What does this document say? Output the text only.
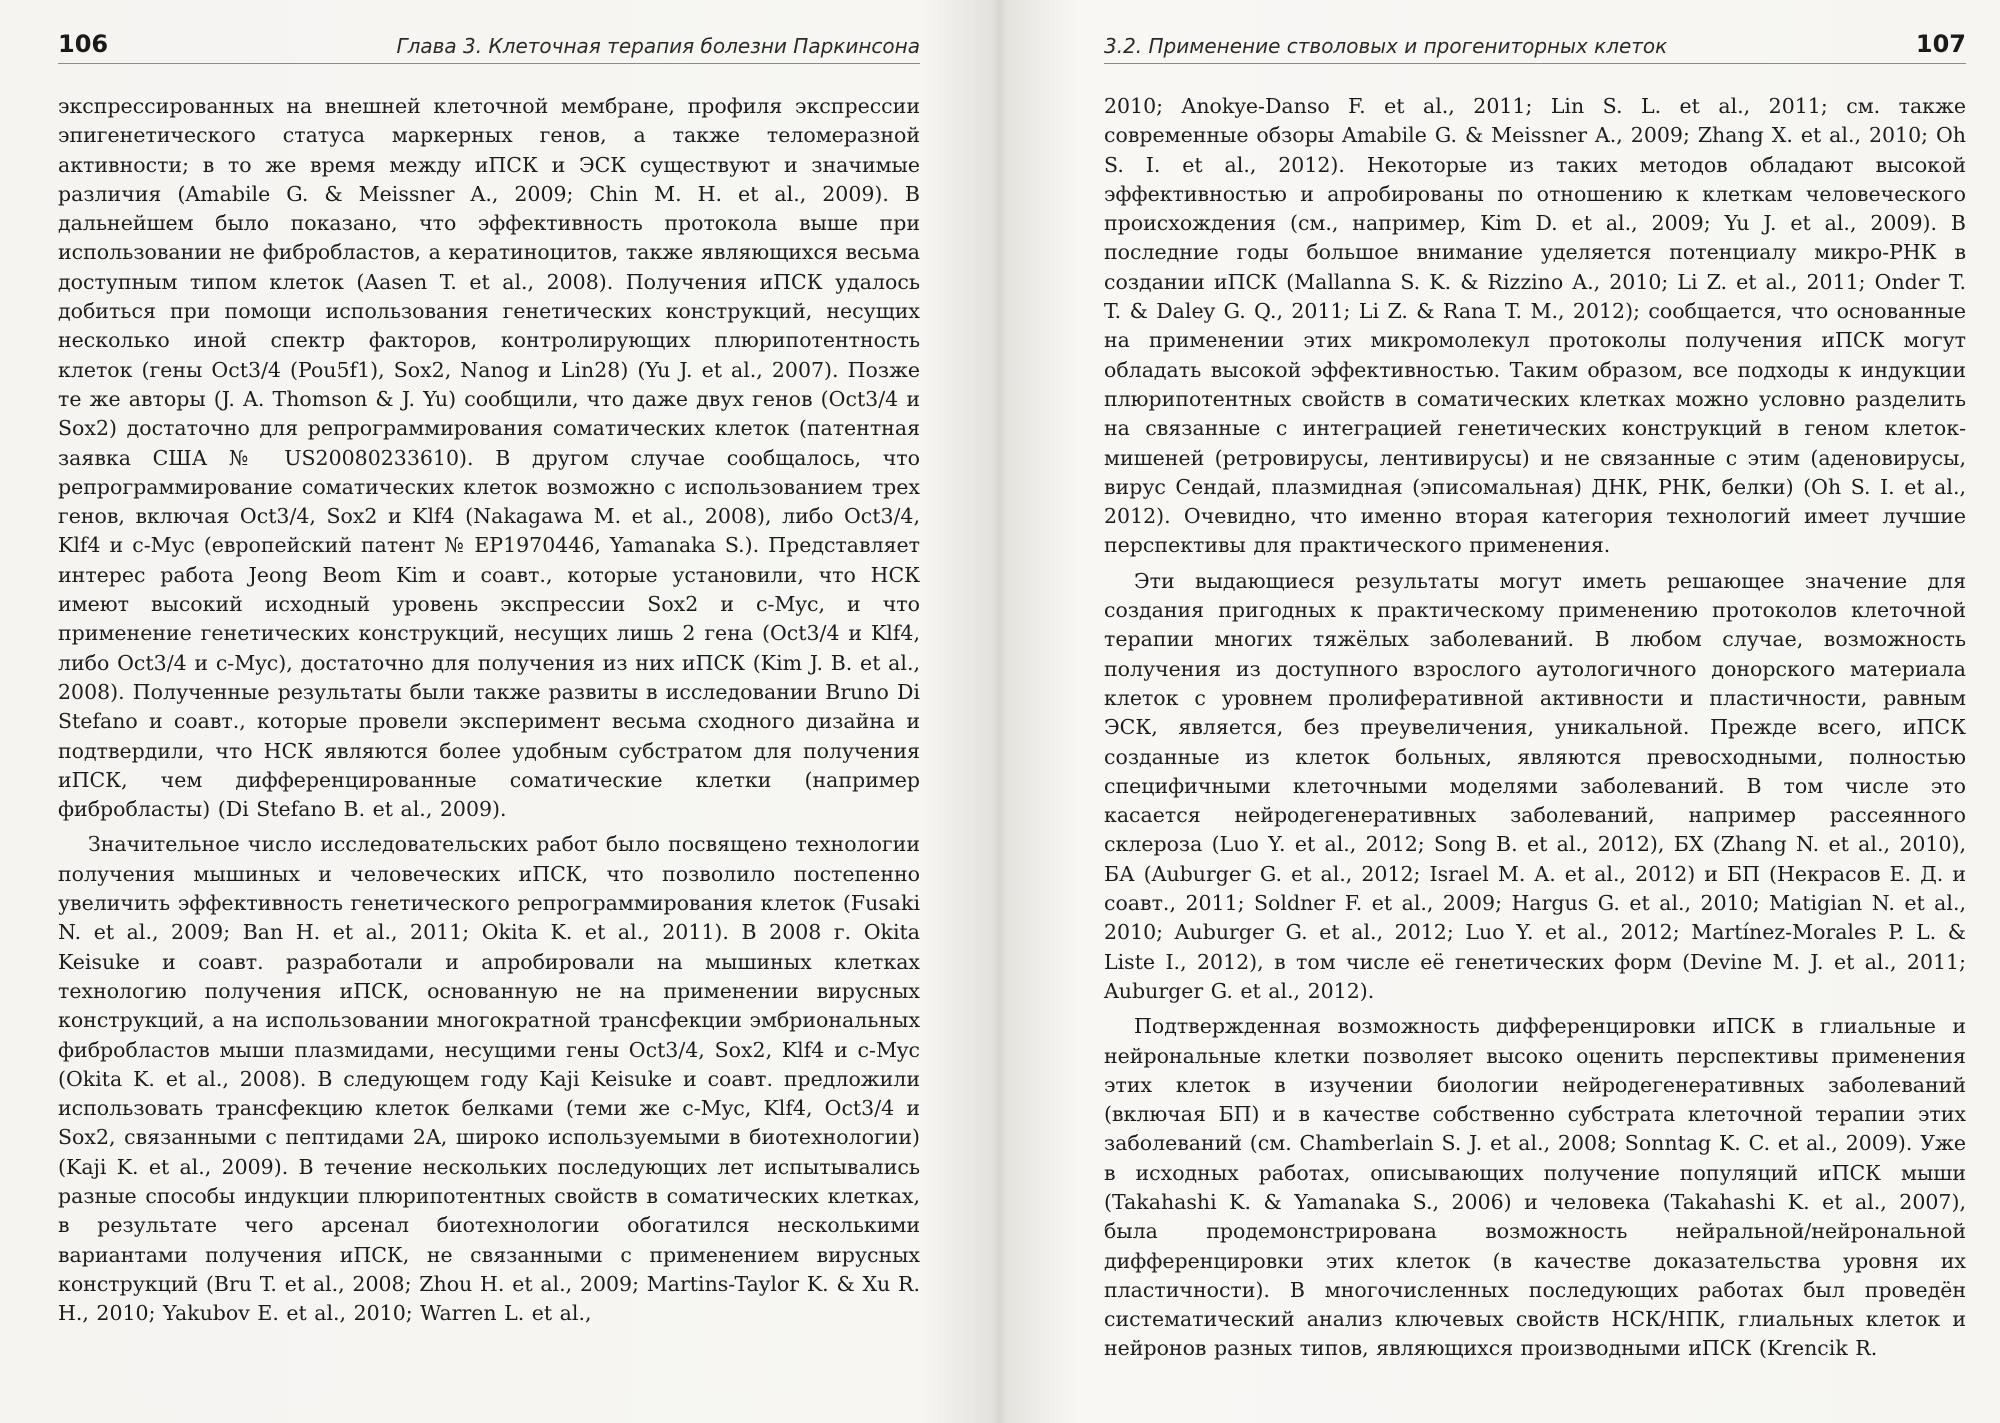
106	Глава 3. Клеточная терапия болезни Паркинсона

экспрессированных на внешней клеточной мембране, профиля экспрессии эпигенетического статуса маркерных генов, а также теломеразной активности; в то же время между иПСК и ЭСК существуют и значимые различия (Amabile G. & Meissner A., 2009; Chin M. H. et al., 2009). В дальнейшем было показано, что эффективность протокола выше при использовании не фибробластов, а кератиноцитов, также являющихся весьма доступным типом клеток (Aasen T. et al., 2008). Получения иПСК удалось добиться при помощи использования генетических конструкций, несущих несколько иной спектр факторов, контролирующих плюрипотентность клеток (гены Oct3/4 (Pou5f1), Sox2, Nanog и Lin28) (Yu J. et al., 2007). Позже те же авторы (J. A. Thomson & J. Yu) сообщили, что даже двух генов (Oct3/4 и Sox2) достаточно для репрограммирования соматических клеток (патентная заявка США № US20080233610). В другом случае сообщалось, что репрограммирование соматических клеток возможно с использованием трех генов, включая Oct3/4, Sox2 и Klf4 (Nakagawa M. et al., 2008), либо Oct3/4, Klf4 и c-Myc (европейский патент № EP1970446, Yamanaka S.). Представляет интерес работа Jeong Beom Kim и соавт., которые установили, что НСК имеют высокий исходный уровень экспрессии Sox2 и c-Myc, и что применение генетических конструкций, несущих лишь 2 гена (Oct3/4 и Klf4, либо Oct3/4 и c-Myc), достаточно для получения из них иПСК (Kim J. B. et al., 2008). Полученные результаты были также развиты в исследовании Bruno Di Stefano и соавт., которые провели эксперимент весьма сходного дизайна и подтвердили, что НСК являются более удобным субстратом для получения иПСК, чем дифференцированные соматические клетки (например фибробласты) (Di Stefano B. et al., 2009).

Значительное число исследовательских работ было посвящено технологии получения мышиных и человеческих иПСК, что позволило постепенно увеличить эффективность генетического репрограммирования клеток (Fusaki N. et al., 2009; Ban H. et al., 2011; Okita K. et al., 2011). В 2008 г. Okita Keisuke и соавт. разработали и апробировали на мышиных клетках технологию получения иПСК, основанную не на применении вирусных конструкций, а на использовании многократной трансфекции эмбриональных фибробластов мыши плазмидами, несущими гены Oct3/4, Sox2, Klf4 и c-Myc (Okita K. et al., 2008). В следующем году Kaji Keisuke и соавт. предложили использовать трансфекцию клеток белками (теми же c-Myc, Klf4, Oct3/4 и Sox2, связанными с пептидами 2A, широко используемыми в биотехнологии) (Kaji K. et al., 2009). В течение нескольких последующих лет испытывались разные способы индукции плюрипотентных свойств в соматических клетках, в результате чего арсенал биотехнологии обогатился несколькими вариантами получения иПСК, не связанными с применением вирусных конструкций (Bru T. et al., 2008; Zhou H. et al., 2009; Martins-Taylor K. & Xu R. H., 2010; Yakubov E. et al., 2010; Warren L. et al.,

3.2. Применение стволовых и прогениторных клеток	107

2010; Anokye-Danso F. et al., 2011; Lin S. L. et al., 2011; см. также современные обзоры Amabile G. & Meissner A., 2009; Zhang X. et al., 2010; Oh S. I. et al., 2012). Некоторые из таких методов обладают высокой эффективностью и апробированы по отношению к клеткам человеческого происхождения (см., например, Kim D. et al., 2009; Yu J. et al., 2009). В последние годы большое внимание уделяется потенциалу микро-РНК в создании иПСК (Mallanna S. K. & Rizzino A., 2010; Li Z. et al., 2011; Onder T. T. & Daley G. Q., 2011; Li Z. & Rana T. M., 2012); сообщается, что основанные на применении этих микромолекул протоколы получения иПСК могут обладать высокой эффективностью. Таким образом, все подходы к индукции плюрипотентных свойств в соматических клетках можно условно разделить на связанные с интеграцией генетических конструкций в геном клеток-мишеней (ретровирусы, лентивирусы) и не связанные с этим (аденовирусы, вирус Сендай, плазмидная (эписомальная) ДНК, РНК, белки) (Oh S. I. et al., 2012). Очевидно, что именно вторая категория технологий имеет лучшие перспективы для практического применения.

Эти выдающиеся результаты могут иметь решающее значение для создания пригодных к практическому применению протоколов клеточной терапии многих тяжёлых заболеваний. В любом случае, возможность получения из доступного взрослого аутологичного донорского материала клеток с уровнем пролиферативной активности и пластичности, равным ЭСК, является, без преувеличения, уникальной. Прежде всего, иПСК созданные из клеток больных, являются превосходными, полностью специфичными клеточными моделями заболеваний. В том числе это касается нейродегенеративных заболеваний, например рассеянного склероза (Luo Y. et al., 2012; Song B. et al., 2012), БХ (Zhang N. et al., 2010), БА (Auburger G. et al., 2012; Israel M. A. et al., 2012) и БП (Некрасов Е. Д. и соавт., 2011; Soldner F. et al., 2009; Hargus G. et al., 2010; Matigian N. et al., 2010; Auburger G. et al., 2012; Luo Y. et al., 2012; Martínez-Morales P. L. & Liste I., 2012), в том числе её генетических форм (Devine M. J. et al., 2011; Auburger G. et al., 2012).

Подтвержденная возможность дифференцировки иПСК в глиальные и нейрональные клетки позволяет высоко оценить перспективы применения этих клеток в изучении биологии нейродегенеративных заболеваний (включая БП) и в качестве собственно субстрата клеточной терапии этих заболеваний (см. Chamberlain S. J. et al., 2008; Sonntag K. C. et al., 2009). Уже в исходных работах, описывающих получение популяций иПСК мыши (Takahashi K. & Yamanaka S., 2006) и человека (Takahashi K. et al., 2007), была продемонстрирована возможность нейральной/нейрональной дифференцировки этих клеток (в качестве доказательства уровня их пластичности). В многочисленных последующих работах был проведён систематический анализ ключевых свойств НСК/НПК, глиальных клеток и нейронов разных типов, являющихся производными иПСК (Krencik R.
